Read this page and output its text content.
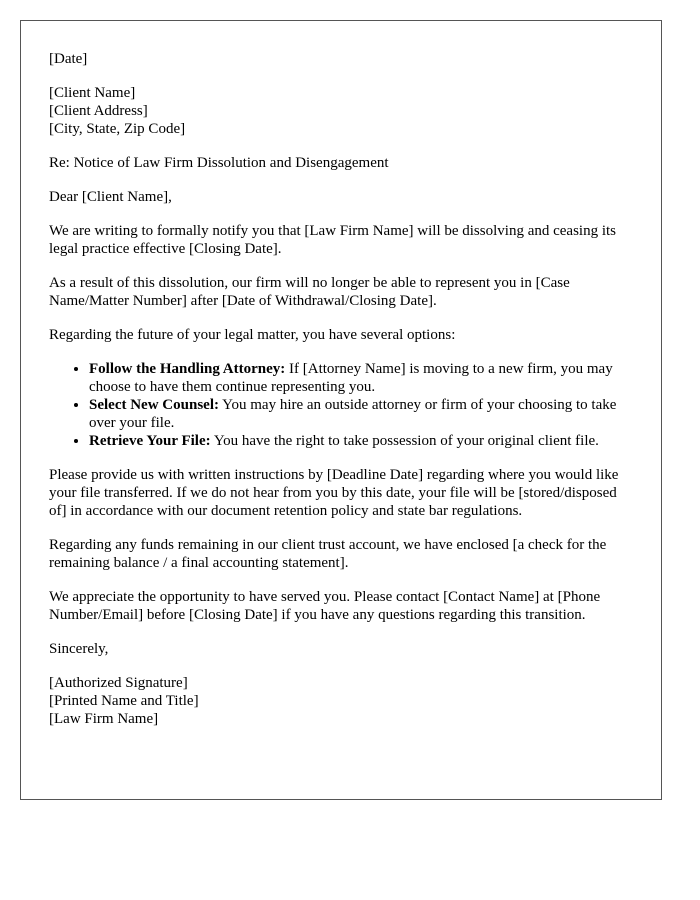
[Date]

[Client Name]
[Client Address]
[City, State, Zip Code]

Re: Notice of Law Firm Dissolution and Disengagement

Dear [Client Name],

We are writing to formally notify you that [Law Firm Name] will be dissolving and ceasing its legal practice effective [Closing Date].

As a result of this dissolution, our firm will no longer be able to represent you in [Case Name/Matter Number] after [Date of Withdrawal/Closing Date].

Regarding the future of your legal matter, you have several options:

• Follow the Handling Attorney: If [Attorney Name] is moving to a new firm, you may choose to have them continue representing you.
• Select New Counsel: You may hire an outside attorney or firm of your choosing to take over your file.
• Retrieve Your File: You have the right to take possession of your original client file.

Please provide us with written instructions by [Deadline Date] regarding where you would like your file transferred. If we do not hear from you by this date, your file will be [stored/disposed of] in accordance with our document retention policy and state bar regulations.

Regarding any funds remaining in our client trust account, we have enclosed [a check for the remaining balance / a final accounting statement].

We appreciate the opportunity to have served you. Please contact [Contact Name] at [Phone Number/Email] before [Closing Date] if you have any questions regarding this transition.

Sincerely,

[Authorized Signature]
[Printed Name and Title]
[Law Firm Name]
